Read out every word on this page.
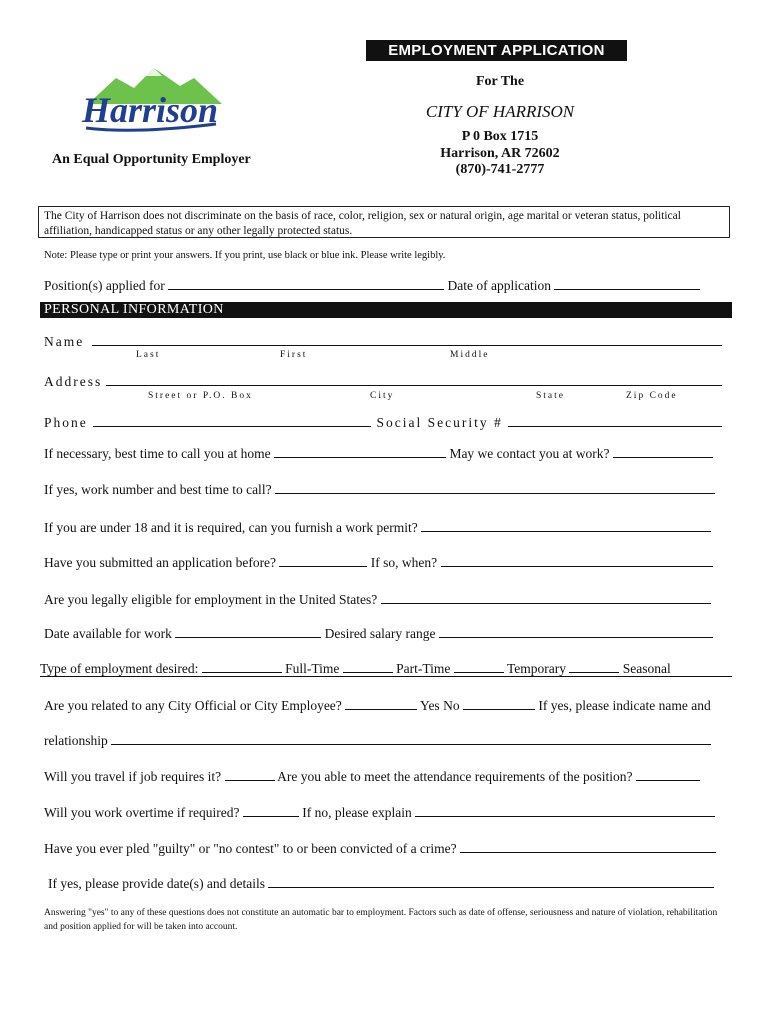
EMPLOYMENT APPLICATION
For The
CITY OF HARRISON
P 0 Box 1715
Harrison, AR 72602
(870)-741-2777
Harrison
An Equal Opportunity Employer
The City of Harrison does not discriminate on the basis of race, color, religion, sex or natural origin, age marital or veteran status, political affiliation, handicapped status or any other legally protected status.
Note: Please type or print your answers. If you print, use black or blue ink. Please write legibly.
Position(s) applied for	Date of application
PERSONAL INFORMATION
Name
Last	First	Middle
Address
Street or P.O. Box	City	State	Zip Code
Phone	Social Security #
If necessary, best time to call you at home	May we contact you at work?
If yes, work number and best time to call?
If you are under 18 and it is required, can you furnish a work permit?
Have you submitted an application before?	If so, when?
Are you legally eligible for employment in the United States?
Date available for work	Desired salary range
Type of employment desired:	Full-Time	Part-Time	Temporary	Seasonal
Are you related to any City Official or City Employee?	Yes No	If yes, please indicate name and
relationship
Will you travel if job requires it?	Are you able to meet the attendance requirements of the position?
Will you work overtime if required?	If no, please explain
Have you ever pled "guilty" or "no contest" to or been convicted of a crime?
If yes, please provide date(s) and details
Answering "yes" to any of these questions does not constitute an automatic bar to employment. Factors such as date of offense, seriousness and nature of violation, rehabilitation and position applied for will be taken into account.
